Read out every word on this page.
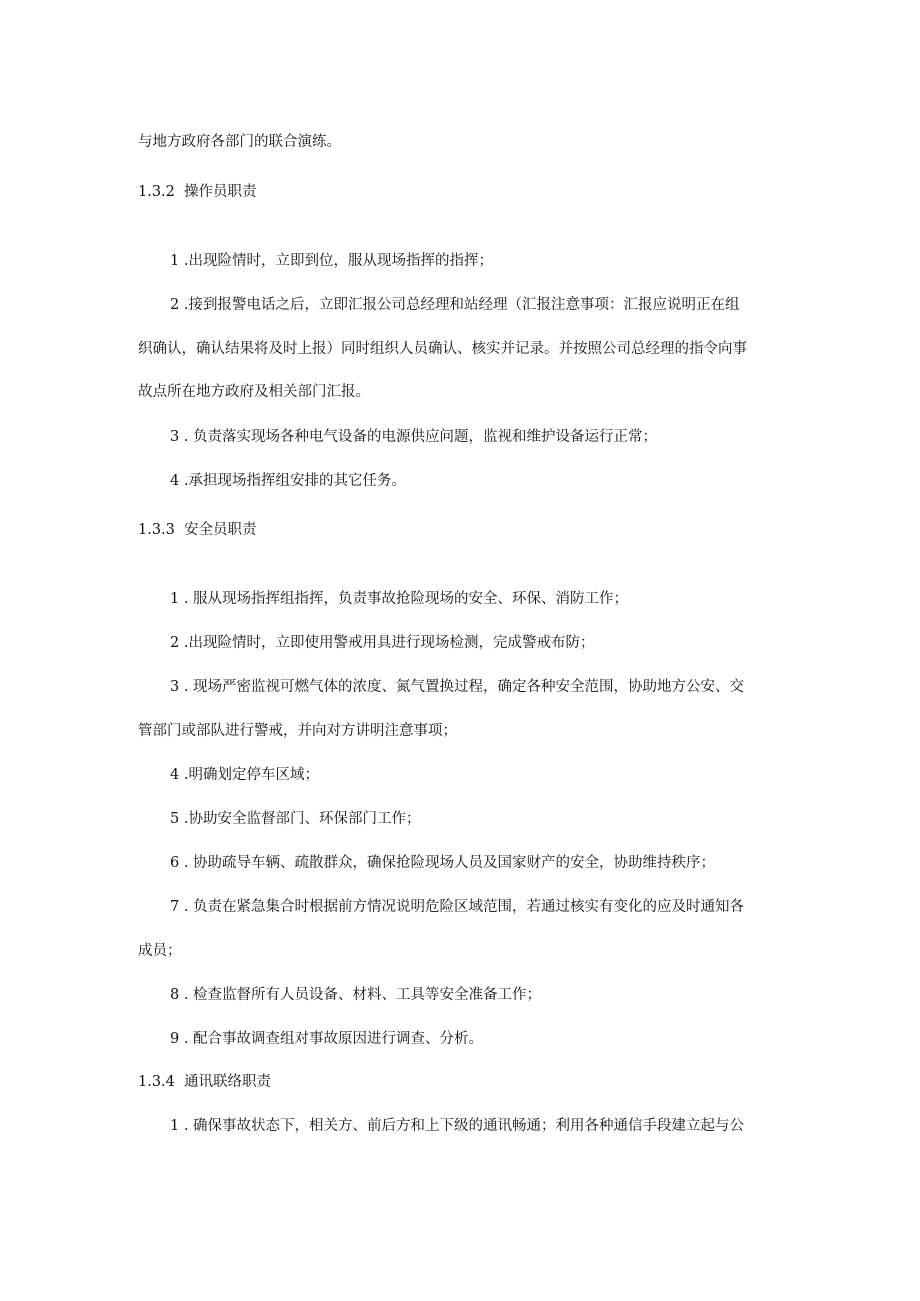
与地方政府各部门的联合演练。
1.3.2 操作员职责
1 .出现险情时，立即到位，服从现场指挥的指挥；
2 .接到报警电话之后，立即汇报公司总经理和站经理（汇报注意事项：汇报应说明正在组
织确认，确认结果将及时上报）同时组织人员确认、核实并记录。并按照公司总经理的指令向事
故点所在地方政府及相关部门汇报。
3 . 负责落实现场各种电气设备的电源供应问题，监视和维护设备运行正常；
4 .承担现场指挥组安排的其它任务。
1.3.3 安全员职责
1 . 服从现场指挥组指挥，负责事故抢险现场的安全、环保、消防工作；
2 .出现险情时，立即使用警戒用具进行现场检测，完成警戒布防；
3 . 现场严密监视可燃气体的浓度、氮气置换过程，确定各种安全范围，协助地方公安、交
管部门或部队进行警戒，并向对方讲明注意事项；
4 .明确划定停车区域；
5 .协助安全监督部门、环保部门工作；
6 . 协助疏导车辆、疏散群众，确保抢险现场人员及国家财产的安全，协助维持秩序；
7 . 负责在紧急集合时根据前方情况说明危险区域范围，若通过核实有变化的应及时通知各
成员；
8 . 检查监督所有人员设备、材料、工具等安全准备工作；
9 . 配合事故调查组对事故原因进行调查、分析。
1.3.4 通讯联络职责
1 . 确保事故状态下，相关方、前后方和上下级的通讯畅通；利用各种通信手段建立起与公
